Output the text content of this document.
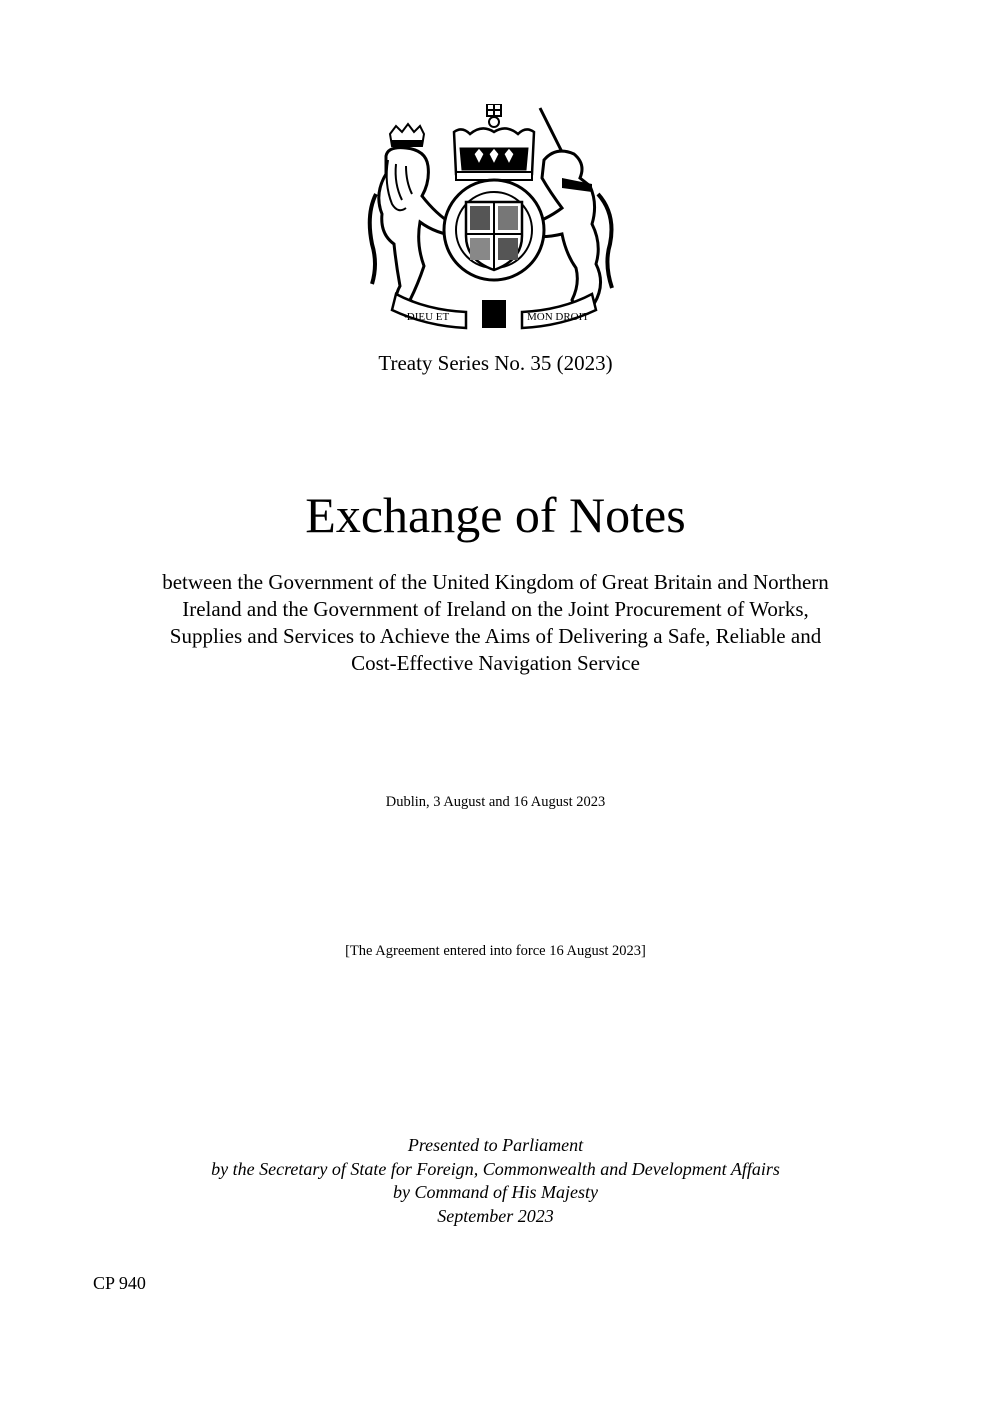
DIEU ET	MON DROIT
Treaty Series No. 35 (2023)
Exchange of Notes
between the Government of the United Kingdom of Great Britain and Northern
Ireland and the Government of Ireland on the Joint Procurement of Works,
Supplies and Services to Achieve the Aims of Delivering a Safe, Reliable and
Cost-Effective Navigation Service
Dublin, 3 August and 16 August 2023
[The Agreement entered into force 16 August 2023]
Presented to Parliament
by the Secretary of State for Foreign, Commonwealth and Development Affairs
by Command of His Majesty
September 2023
CP 940
